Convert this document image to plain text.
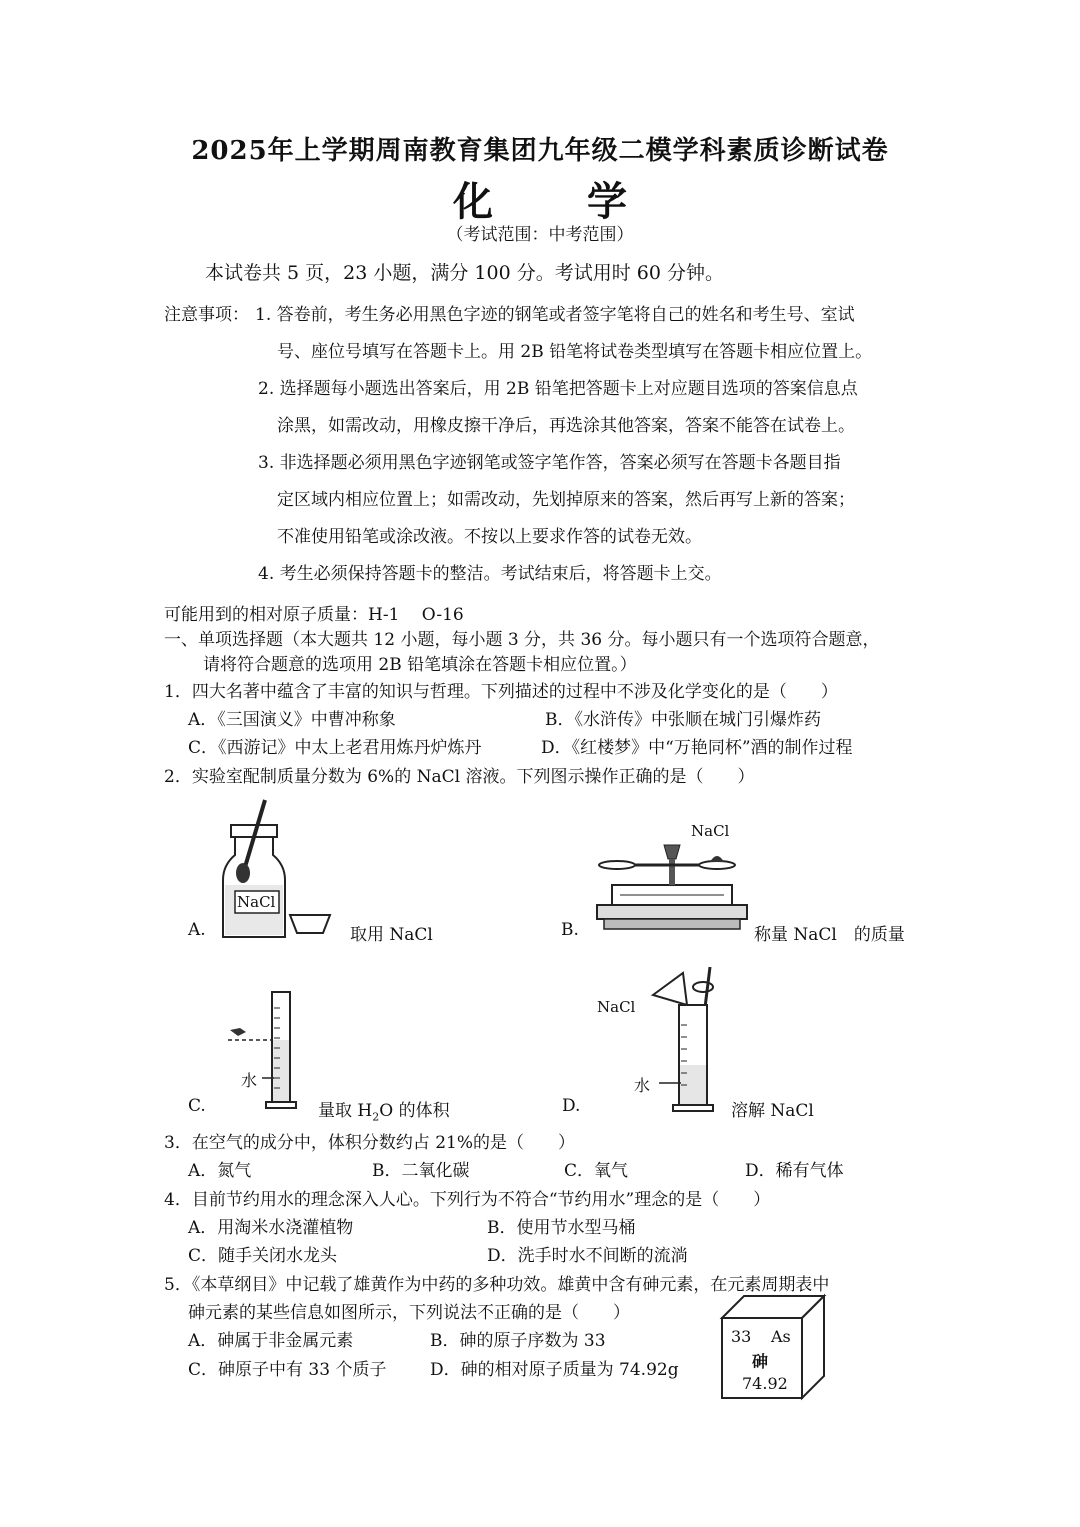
2025年上学期周南教育集团九年级二模学科素质诊断试卷
化 学
（考试范围：中考范围）
本试卷共 5 页，23 小题，满分 100 分。考试用时 60 分钟。
注意事项： 1. 答卷前，考生务必用黑色字迹的钢笔或者签字笔将自己的姓名和考生号、室试
号、座位号填写在答题卡上。用 2B 铅笔将试卷类型填写在答题卡相应位置上。
2. 选择题每小题选出答案后，用 2B 铅笔把答题卡上对应题目选项的答案信息点
涂黑，如需改动，用橡皮擦干净后，再选涂其他答案，答案不能答在试卷上。
3. 非选择题必须用黑色字迹钢笔或签字笔作答，答案必须写在答题卡各题目指
定区域内相应位置上；如需改动，先划掉原来的答案，然后再写上新的答案；
不准使用铅笔或涂改液。不按以上要求作答的试卷无效。
4. 考生必须保持答题卡的整洁。考试结束后，将答题卡上交。
可能用到的相对原子质量：H-1　 O-16
一、单项选择题（本大题共 12 小题，每小题 3 分，共 36 分。每小题只有一个选项符合题意，
请将符合题意的选项用 2B 铅笔填涂在答题卡相应位置。）
1．四大名著中蕴含了丰富的知识与哲理。下列描述的过程中不涉及化学变化的是（　　）
A．《三国演义》中曹冲称象	B．《水浒传》中张顺在城门引爆炸药
C．《西游记》中太上老君用炼丹炉炼丹	D．《红楼梦》中“万艳同杯”酒的制作过程
2．实验室配制质量分数为 6%的 NaCl 溶液。下列图示操作正确的是（　　）
A.
NaCl
取用 NaCl	B.
NaCl
称量 NaCl　的质量
C.
水
量取 $H_2O$ 的体积	D.
NaCl
水
溶解 NaCl
3．在空气的成分中，体积分数约占 21%的是（　　）
A．氮气	B．二氧化碳	C．氧气	D．稀有气体
4．目前节约用水的理念深入人心。下列行为不符合“节约用水”理念的是（　　）
A．用淘米水浇灌植物	B．使用节水型马桶
C．随手关闭水龙头	D．洗手时水不间断的流淌
5．《本草纲目》中记载了雄黄作为中药的多种功效。雄黄中含有砷元素，在元素周期表中
砷元素的某些信息如图所示，下列说法不正确的是（　　）
A．砷属于非金属元素	B．砷的原子序数为 33
C．砷原子中有 33 个质子	D．砷的相对原子质量为 74.92g
33 As
砷
74.92
